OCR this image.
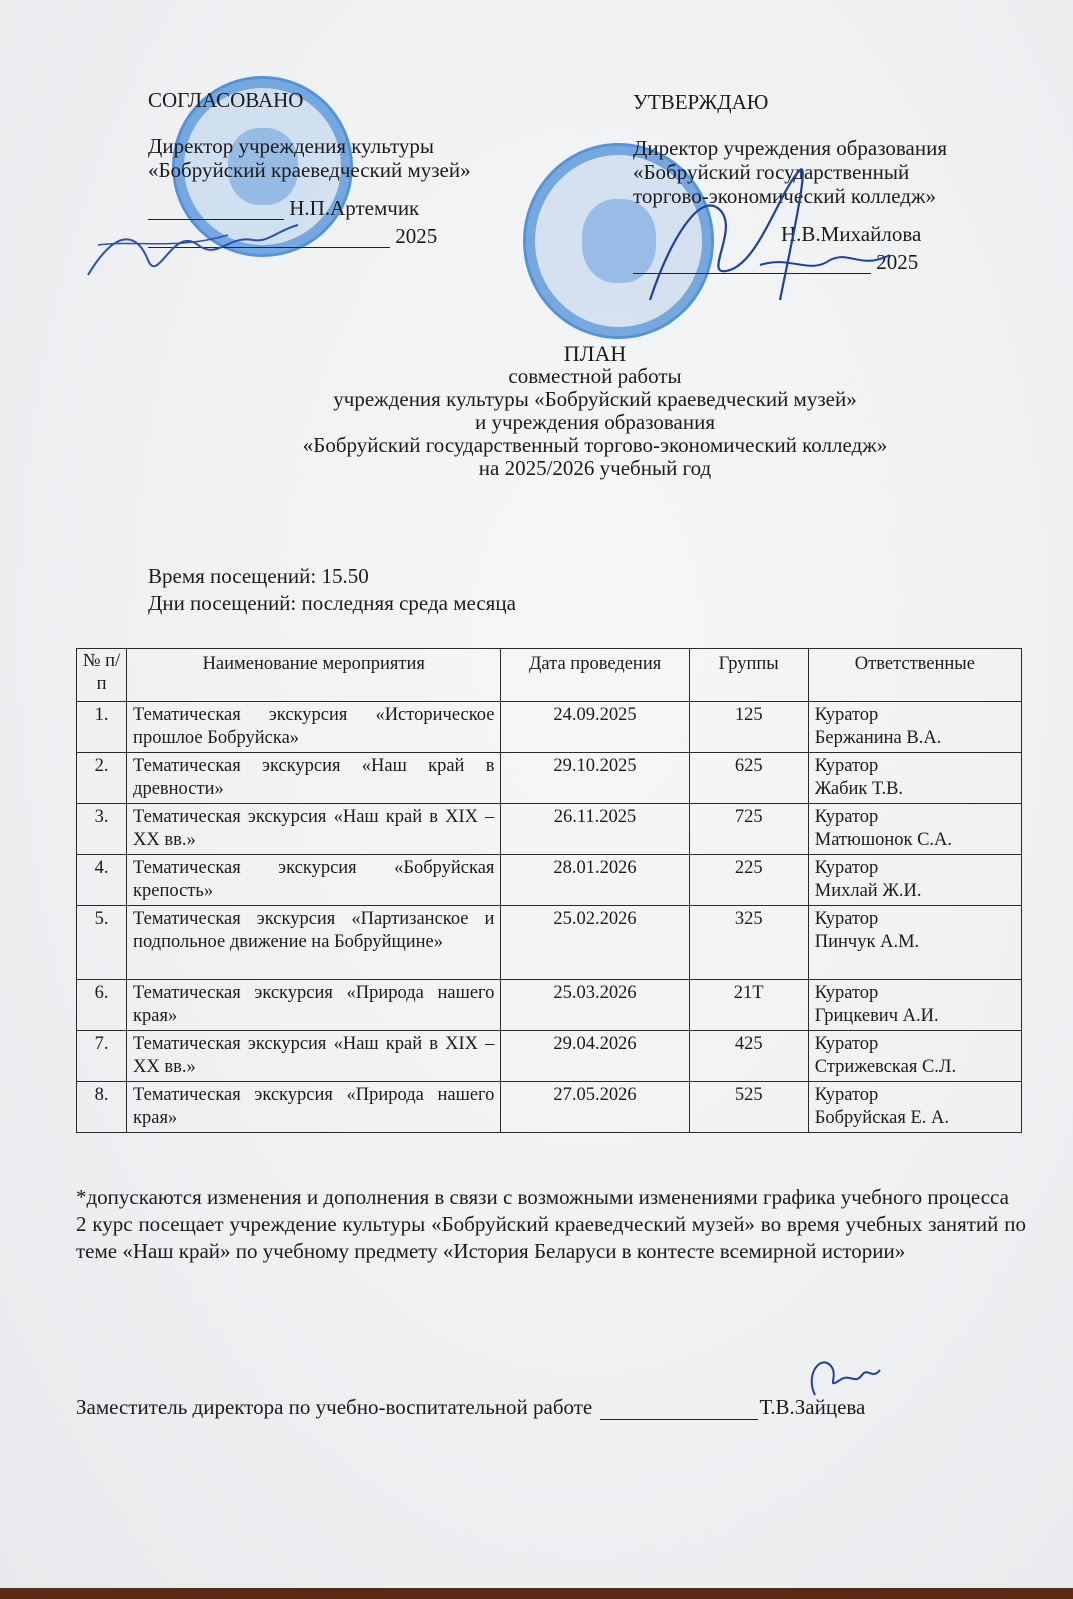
СОГЛАСОВАНО
Директор учреждения культуры
«Бобруйский краеведческий музей»
Н.П.Артемчик
2025
УТВЕРЖДАЮ
Директор учреждения образования
«Бобруйский государственный
торгово-экономический колледж»
Н.В.Михайлова
2025
ПЛАН
совместной работы
учреждения культуры «Бобруйский краеведческий музей»
и учреждения образования
«Бобруйский государственный торгово-экономический колледж»
на 2025/2026 учебный год
Время посещений: 15.50
Дни посещений: последняя среда месяца
№ п/п	Наименование мероприятия	Дата проведения	Группы	Ответственные
1.	Тематическая экскурсия «Историческое прошлое Бобруйска»	24.09.2025	125	Куратор
Бержанина В.А.

2.	Тематическая экскурсия «Наш край в древности»	29.10.2025	625	Куратор
Жабик Т.В.

3.	Тематическая экскурсия «Наш край в XIX – XX вв.»	26.11.2025	725	Куратор
Матюшонок С.А.

4.	Тематическая экскурсия «Бобруйская крепость»	28.01.2026	225	Куратор
Михлай Ж.И.

5.	Тематическая экскурсия «Партизанское и подпольное движение на Бобруйщине»	25.02.2026	325	Куратор
Пинчук А.М.

6.	Тематическая экскурсия «Природа нашего края»	25.03.2026	21Т	Куратор
Грицкевич А.И.

7.	Тематическая экскурсия «Наш край в XIX – XX вв.»	29.04.2026	425	Куратор
Стрижевская С.Л.

8.	Тематическая экскурсия «Природа нашего края»	27.05.2026	525	Куратор
Бобруйская Е. А.
*допускаются изменения и дополнения в связи с возможными изменениями графика учебного процесса
2 курс посещает учреждение культуры «Бобруйский краеведческий музей» во время учебных занятий по теме «Наш край» по учебному предмету «История Беларуси в контесте всемирной истории»
Заместитель директора по учебно-воспитательной работе	Т.В.Зайцева
